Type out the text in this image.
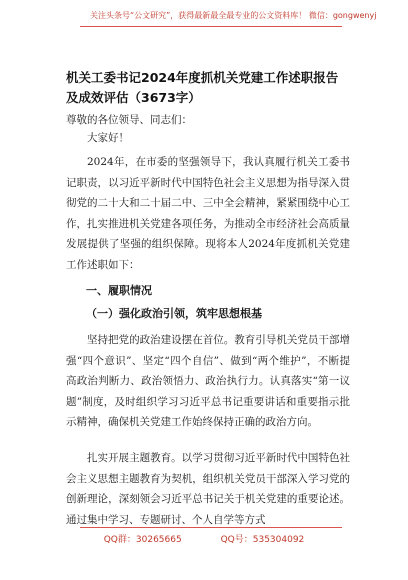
关注头条号“公文研究”，获得最新最全最专业的公文资料库！ 微信：gongwenyj
机关工委书记2024年度抓机关党建工作述职报告及成效评估（3673字）
尊敬的各位领导、同志们：
大家好！
2024年，在市委的坚强领导下，我认真履行机关工委书记职责，以习近平新时代中国特色社会主义思想为指导深入贯彻党的二十大和二十届二中、三中全会精神，紧紧围绕中心工作，扎实推进机关党建各项任务，为推动全市经济社会高质量发展提供了坚强的组织保障。现将本人2024年度抓机关党建工作述职如下：
一、履职情况
（一）强化政治引领，筑牢思想根基
坚持把党的政治建设摆在首位。教育引导机关党员干部增强“四个意识”、坚定“四个自信”、做到“两个维护”，不断提高政治判断力、政治领悟力、政治执行力。认真落实“第一议题”制度，及时组织学习习近平总书记重要讲话和重要指示批示精神，确保机关党建工作始终保持正确的政治方向。
扎实开展主题教育。以学习贯彻习近平新时代中国特色社会主义思想主题教育为契机，组织机关党员干部深入学习党的创新理论，深刻领会习近平总书记关于机关党建的重要论述。通过集中学习、专题研讨、个人自学等方式
QQ群：30265665	QQ号：535304092
